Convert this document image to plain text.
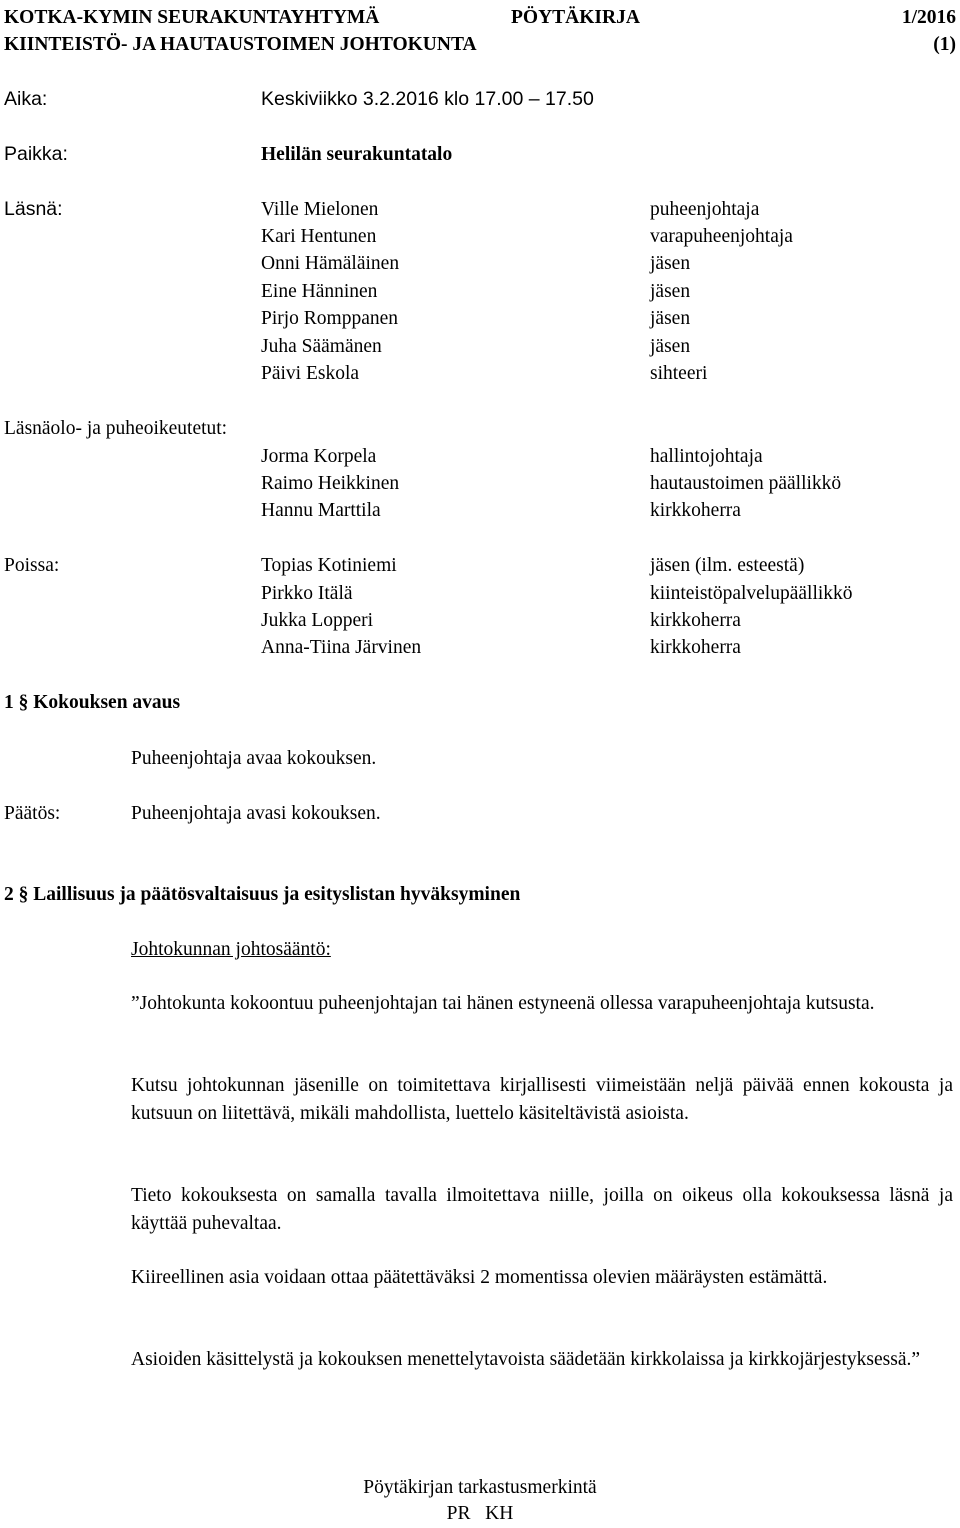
KOTKA-KYMIN SEURAKUNTAYHTYMÄ	PÖYTÄKIRJA	1/2016
KIINTEISTÖ- JA HAUTAUSTOIMEN JOHTOKUNTA	(1)
Aika:	Keskiviikko 3.2.2016 klo 17.00 – 17.50
Paikka:	Helilän seurakuntatalo
Läsnä:	Ville Mielonen	puheenjohtaja
Kari Hentunen	varapuheenjohtaja
Onni Hämäläinen	jäsen
Eine Hänninen	jäsen
Pirjo Romppanen	jäsen
Juha Säämänen	jäsen
Päivi Eskola	sihteeri
Läsnäolo- ja puheoikeutetut:
Jorma Korpela	hallintojohtaja
Raimo Heikkinen	hautaustoimen päällikkö
Hannu Marttila	kirkkoherra
Poissa:	Topias Kotiniemi	jäsen (ilm. esteestä)
Pirkko Itälä	kiinteistöpalvelupäällikkö
Jukka Lopperi	kirkkoherra
Anna-Tiina Järvinen	kirkkoherra
1 § Kokouksen avaus
Puheenjohtaja avaa kokouksen.
Päätös:	Puheenjohtaja avasi kokouksen.
2 § Laillisuus ja päätösvaltaisuus ja esityslistan hyväksyminen
Johtokunnan johtosääntö:
”Johtokunta kokoontuu puheenjohtajan tai hänen estyneenä ollessa varapuheenjohtaja kutsusta.
Kutsu johtokunnan jäsenille on toimitettava kirjallisesti viimeistään neljä päivää ennen kokousta ja kutsuun on liitettävä, mikäli mahdollista, luettelo käsiteltävistä asioista.
Tieto kokouksesta on samalla tavalla ilmoitettava niille, joilla on oikeus olla kokouksessa läsnä ja käyttää puhevaltaa.
Kiireellinen asia voidaan ottaa päätettäväksi 2 momentissa olevien määräysten estämättä.
Asioiden käsittelystä ja kokouksen menettelytavoista säädetään kirkkolaissa ja kirkkojärjestyksessä.”
Pöytäkirjan tarkastusmerkintä
PR   KH
